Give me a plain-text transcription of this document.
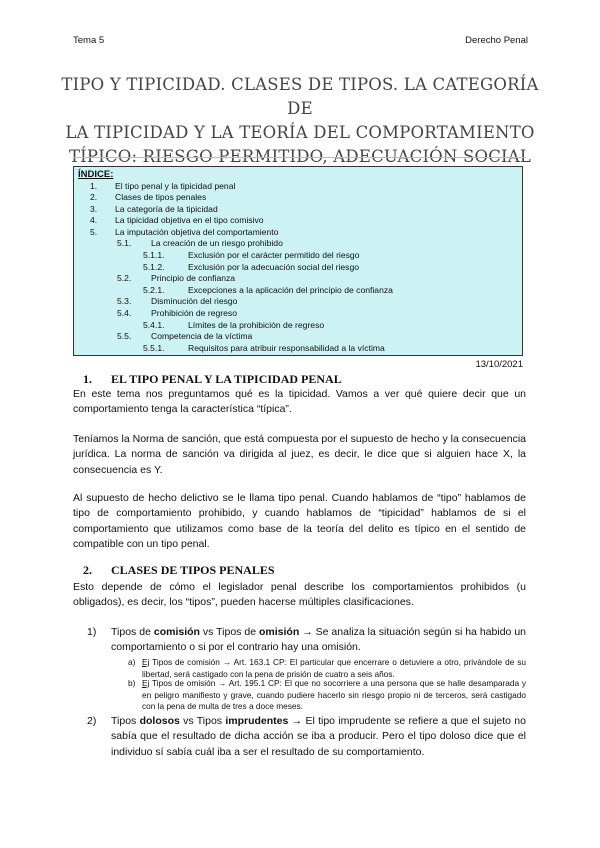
Tema 5	Derecho Penal
TIPO Y TIPICIDAD. CLASES DE TIPOS. LA CATEGORÍA DE
LA TIPICIDAD Y LA TEORÍA DEL COMPORTAMIENTO
TÍPICO: RIESGO PERMITIDO, ADECUACIÓN SOCIAL
ÍNDICE:
1. El tipo penal y la tipicidad penal
2. Clases de tipos penales
3. La categoría de la tipicidad
4. La tipicidad objetiva en el tipo comisivo
5. La imputación objetiva del comportamiento
5.1. La creación de un riesgo prohibido
5.1.1.	Exclusión por el carácter permitido del riesgo
5.1.2.	Exclusión por la adecuación social del riesgo
5.2. Principio de confianza
5.2.1.	Excepciones a la aplicación del principio de confianza
5.3. Disminución del riesgo
5.4. Prohibición de regreso
5.4.1.	Límites de la prohibición de regreso
5.5. Competencia de la víctima
5.5.1.	Requisitos para atribuir responsabilidad a la víctima
13/10/2021
1. EL TIPO PENAL Y LA TIPICIDAD PENAL
En este tema nos preguntamos qué es la tipicidad. Vamos a ver qué quiere decir que un comportamiento tenga la característica “típica”.
Teníamos la Norma de sanción, que está compuesta por el supuesto de hecho y la consecuencia jurídica. La norma de sanción va dirigida al juez, es decir, le dice que si alguien hace X, la consecuencia es Y.
Al supuesto de hecho delictivo se le llama tipo penal. Cuando hablamos de “tipo” hablamos de tipo de comportamiento prohibido, y cuando hablamos de “tipicidad” hablamos de si el comportamiento que utilizamos como base de la teoría del delito es típico en el sentido de compatible con un tipo penal.
2. CLASES DE TIPOS PENALES
Esto depende de cómo el legislador penal describe los comportamientos prohibidos (u obligados), es decir, los “tipos”, pueden hacerse múltiples clasificaciones.
1)	Tipos de comisión vs Tipos de omisión → Se analiza la situación según si ha habido un comportamiento o si por el contrario hay una omisión.
a) Ej Tipos de comisión → Art. 163.1 CP: El particular que encerrare o detuviere a otro, privándole de su libertad, será castigado con la pena de prisión de cuatro a seis años.
b) Ej Tipos de omisión → Art. 195.1 CP: El que no socorriere a una persona que se halle desamparada y en peligro manifiesto y grave, cuando pudiere hacerlo sin riesgo propio ni de terceros, será castigado con la pena de multa de tres a doce meses.
2)	Tipos dolosos vs Tipos imprudentes → El tipo imprudente se refiere a que el sujeto no sabía que el resultado de dicha acción se iba a producir. Pero el tipo doloso dice que el individuo sí sabía cuál iba a ser el resultado de su comportamiento.
